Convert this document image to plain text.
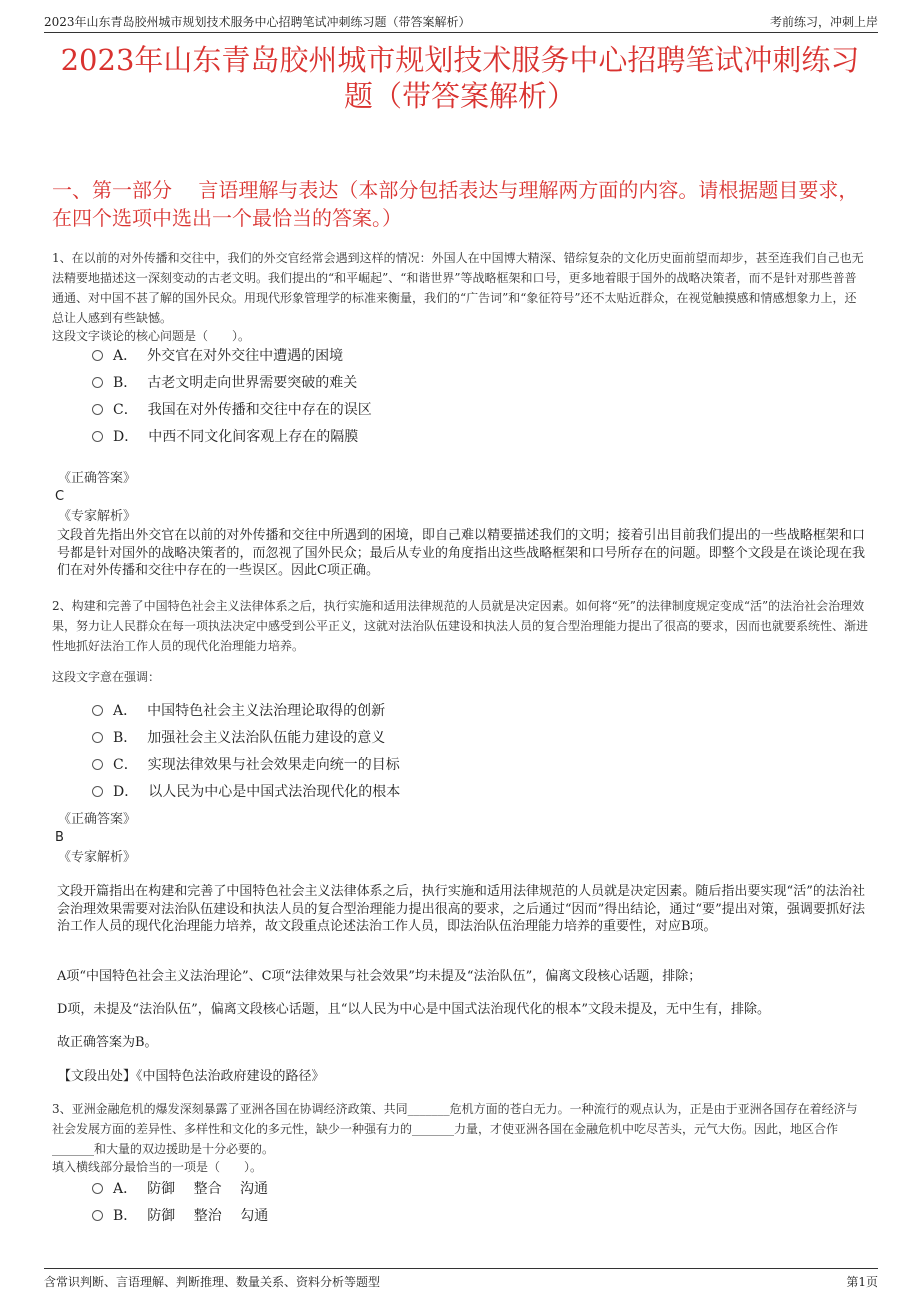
2023年山东青岛胶州城市规划技术服务中心招聘笔试冲刺练习题（带答案解析）	考前练习，冲刺上岸
2023年山东青岛胶州城市规划技术服务中心招聘笔试冲刺练习题（带答案解析）
一、第一部分　 言语理解与表达（本部分包括表达与理解两方面的内容。请根据题目要求，在四个选项中选出一个最恰当的答案。）
1、在以前的对外传播和交往中，我们的外交官经常会遇到这样的情况：外国人在中国博大精深、错综复杂的文化历史面前望而却步，甚至连我们自己也无法精要地描述这一深刻变动的古老文明。我们提出的“和平崛起”、“和谐世界”等战略框架和口号，更多地着眼于国外的战略决策者，而不是针对那些普普通通、对中国不甚了解的国外民众。用现代形象管理学的标准来衡量，我们的“广告词”和“象征符号”还不太贴近群众，在视觉触摸感和情感想象力上，还总让人感到有些缺憾。
这段文字谈论的核心问题是（　　）。
A． 外交官在对外交往中遭遇的困境
B． 古老文明走向世界需要突破的难关
C． 我国在对外传播和交往中存在的误区
D． 中西不同文化间客观上存在的隔膜
《正确答案》
C
《专家解析》
文段首先指出外交官在以前的对外传播和交往中所遇到的困境，即自己难以精要描述我们的文明；接着引出目前我们提出的一些战略框架和口号都是针对国外的战略决策者的，而忽视了国外民众；最后从专业的角度指出这些战略框架和口号所存在的问题。即整个文段是在谈论现在我们在对外传播和交往中存在的一些误区。因此C项正确。
2、构建和完善了中国特色社会主义法律体系之后，执行实施和适用法律规范的人员就是决定因素。如何将“死”的法律制度规定变成“活”的法治社会治理效果，努力让人民群众在每一项执法决定中感受到公平正义，这就对法治队伍建设和执法人员的复合型治理能力提出了很高的要求，因而也就要系统性、渐进性地抓好法治工作人员的现代化治理能力培养。
这段文字意在强调：
A． 中国特色社会主义法治理论取得的创新
B． 加强社会主义法治队伍能力建设的意义
C． 实现法律效果与社会效果走向统一的目标
D． 以人民为中心是中国式法治现代化的根本
《正确答案》
B
《专家解析》
文段开篇指出在构建和完善了中国特色社会主义法律体系之后，执行实施和适用法律规范的人员就是决定因素。随后指出要实现“活”的法治社会治理效果需要对法治队伍建设和执法人员的复合型治理能力提出很高的要求，之后通过“因而”得出结论，通过“要”提出对策，强调要抓好法治工作人员的现代化治理能力培养，故文段重点论述法治工作人员，即法治队伍治理能力培养的重要性，对应B项。
A项“中国特色社会主义法治理论”、C项“法律效果与社会效果”均未提及“法治队伍”，偏离文段核心话题，排除；
D项，未提及“法治队伍”，偏离文段核心话题，且“以人民为中心是中国式法治现代化的根本”文段未提及，无中生有，排除。
故正确答案为B。
【文段出处】《中国特色法治政府建设的路径》
3、亚洲金融危机的爆发深刻暴露了亚洲各国在协调经济政策、共同_______危机方面的苍白无力。一种流行的观点认为，正是由于亚洲各国存在着经济与社会发展方面的差异性、多样性和文化的多元性，缺少一种强有力的_______力量，才使亚洲各国在金融危机中吃尽苦头，元气大伤。因此，地区合作_______和大量的双边援助是十分必要的。
填入横线部分最恰当的一项是（　　）。
A． 防御　 整合　 沟通
B． 防御　 整治　 勾通
含常识判断、言语理解、判断推理、数量关系、资料分析等题型	第1页
